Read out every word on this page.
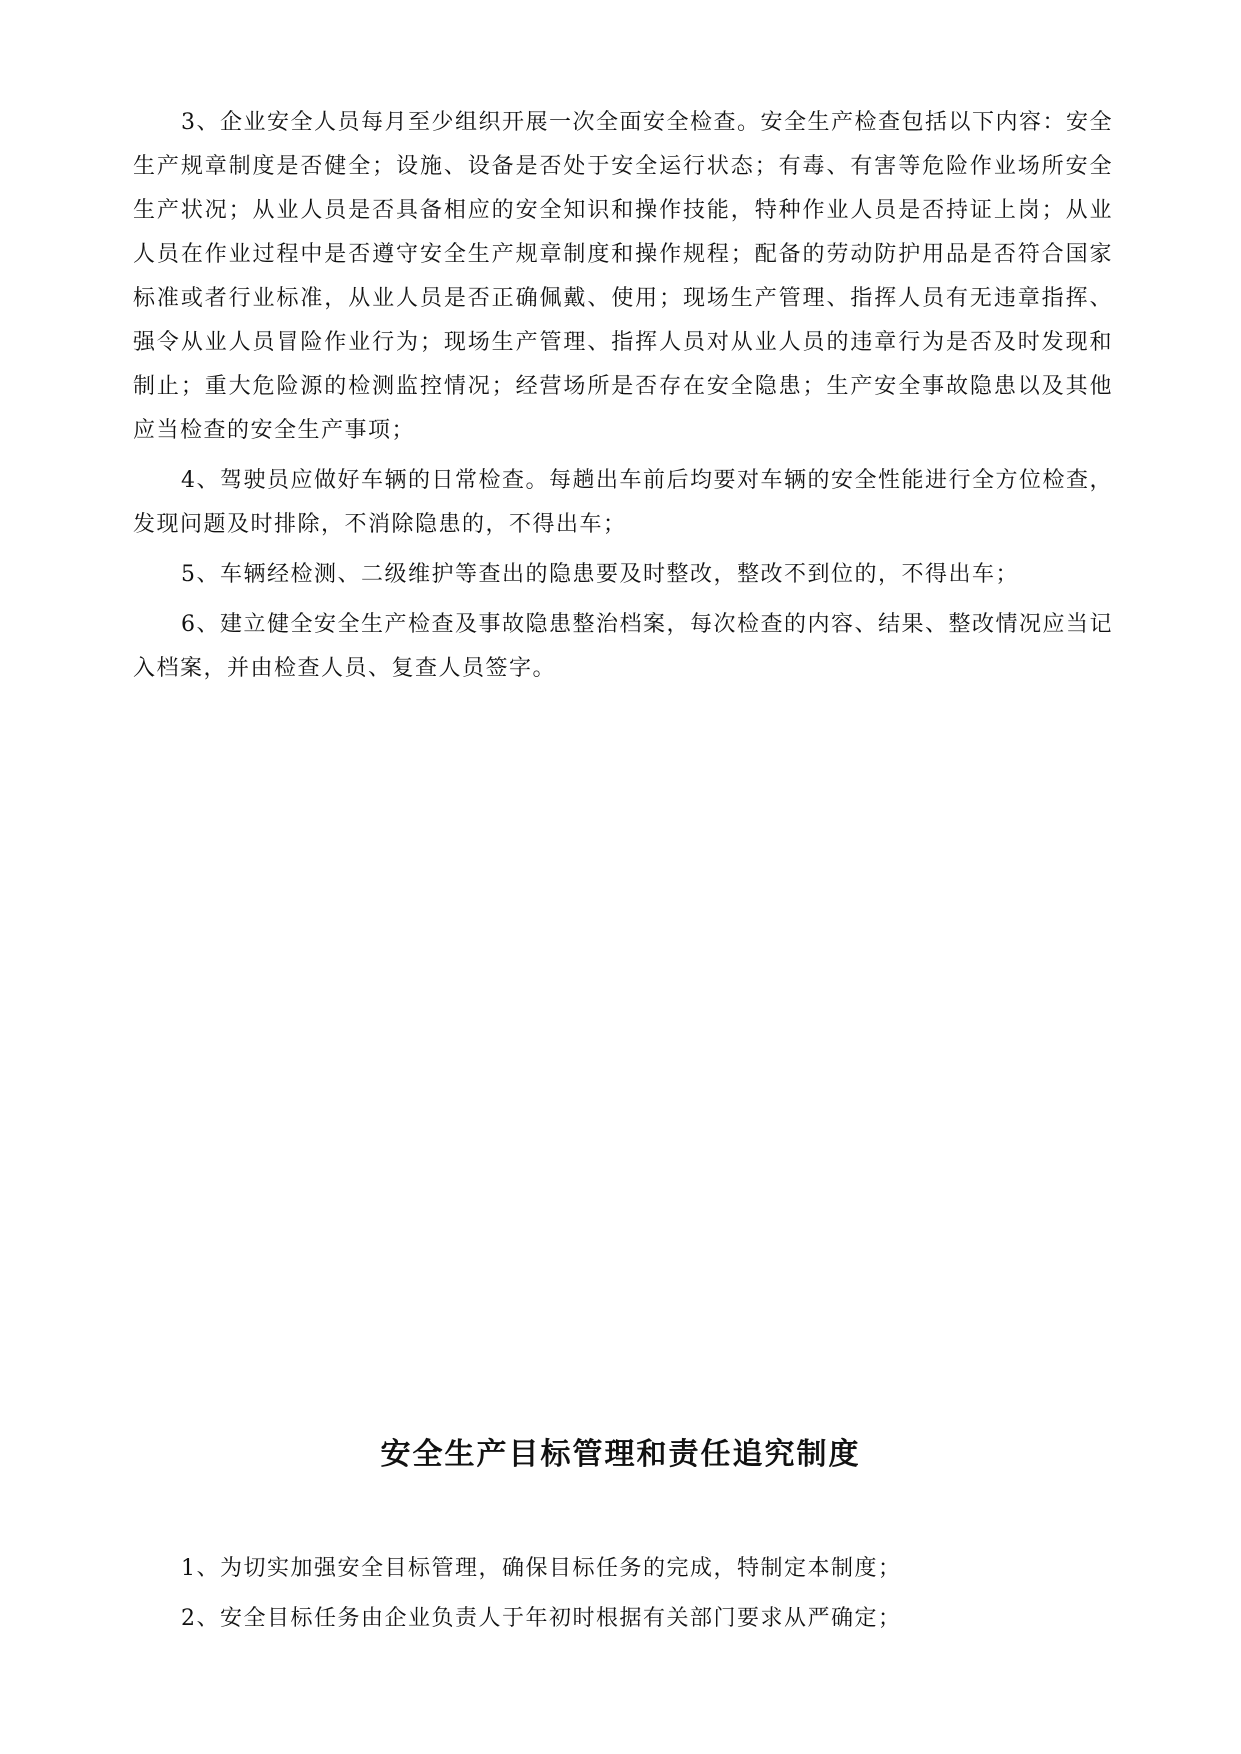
3、企业安全人员每月至少组织开展一次全面安全检查。安全生产检查包括以下内容：安全生产规章制度是否健全；设施、设备是否处于安全运行状态；有毒、有害等危险作业场所安全生产状况；从业人员是否具备相应的安全知识和操作技能，特种作业人员是否持证上岗；从业人员在作业过程中是否遵守安全生产规章制度和操作规程；配备的劳动防护用品是否符合国家标准或者行业标准，从业人员是否正确佩戴、使用；现场生产管理、指挥人员有无违章指挥、强令从业人员冒险作业行为；现场生产管理、指挥人员对从业人员的违章行为是否及时发现和制止；重大危险源的检测监控情况；经营场所是否存在安全隐患；生产安全事故隐患以及其他应当检查的安全生产事项；

4、驾驶员应做好车辆的日常检查。每趟出车前后均要对车辆的安全性能进行全方位检查，发现问题及时排除，不消除隐患的，不得出车；

5、车辆经检测、二级维护等查出的隐患要及时整改，整改不到位的，不得出车；

6、建立健全安全生产检查及事故隐患整治档案，每次检查的内容、结果、整改情况应当记入档案，并由检查人员、复查人员签字。

安全生产目标管理和责任追究制度

1、为切实加强安全目标管理，确保目标任务的完成，特制定本制度；

2、安全目标任务由企业负责人于年初时根据有关部门要求从严确定；
